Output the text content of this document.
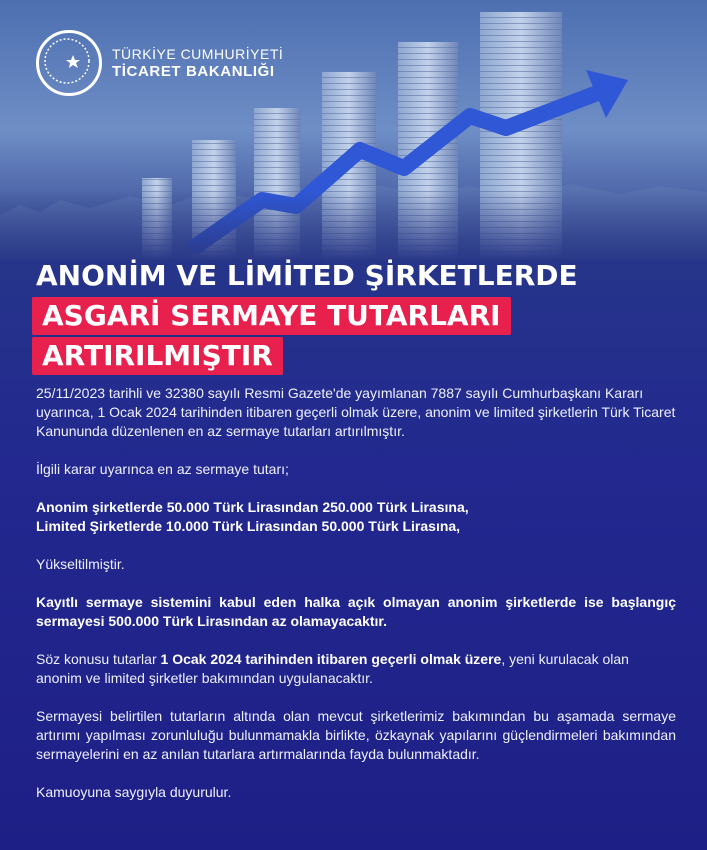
TÜRKİYE CUMHURİYETİ
TİCARET BAKANLIĞI
ANONİM VE LİMİTED ŞİRKETLERDE
ASGARİ SERMAYE TUTARLARI
ARTIRILMIŞTIR

25/11/2023 tarihli ve 32380 sayılı Resmi Gazete'de yayımlanan 7887 sayılı Cumhurbaşkanı Kararı uyarınca, 1 Ocak 2024 tarihinden itibaren geçerli olmak üzere, anonim ve limited şirketlerin Türk Ticaret Kanununda düzenlenen en az sermaye tutarları artırılmıştır.

İlgili karar uyarınca en az sermaye tutarı;

Anonim şirketlerde 50.000 Türk Lirasından 250.000 Türk Lirasına,
Limited Şirketlerde 10.000 Türk Lirasından 50.000 Türk Lirasına,

Yükseltilmiştir.

Kayıtlı sermaye sistemini kabul eden halka açık olmayan anonim şirketlerde ise başlangıç sermayesi 500.000 Türk Lirasından az olamayacaktır.

Söz konusu tutarlar 1 Ocak 2024 tarihinden itibaren geçerli olmak üzere, yeni kurulacak olan anonim ve limited şirketler bakımından uygulanacaktır.

Sermayesi belirtilen tutarların altında olan mevcut şirketlerimiz bakımından bu aşamada sermaye artırımı yapılması zorunluluğu bulunmamakla birlikte, özkaynak yapılarını güçlendirmeleri bakımından sermayelerini en az anılan tutarlara artırmalarında fayda bulunmaktadır.

Kamuoyuna saygıyla duyurulur.
